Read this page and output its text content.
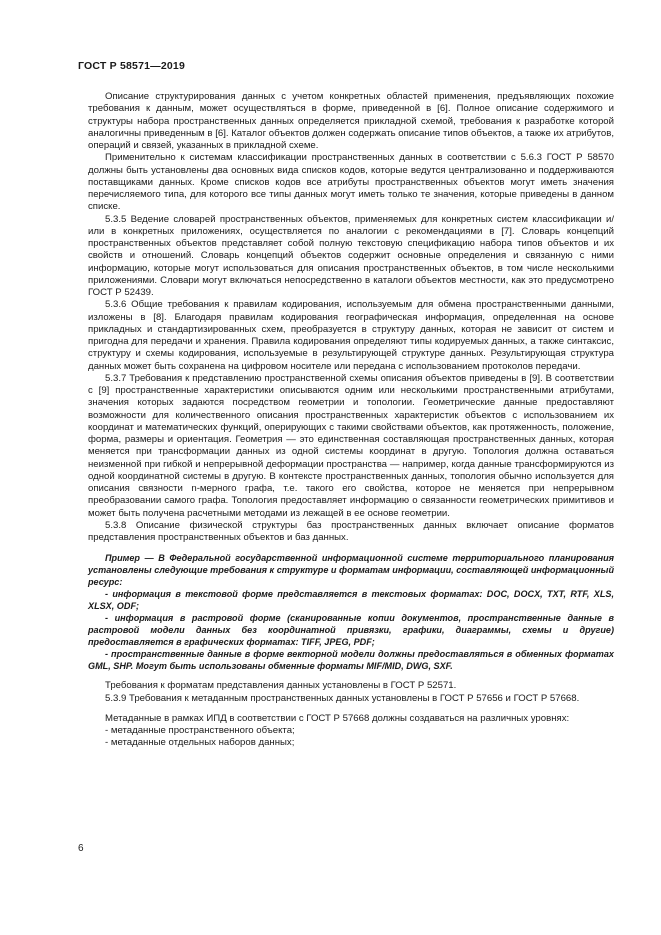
ГОСТ Р 58571—2019

Описание структурирования данных с учетом конкретных областей применения, предъявляющих похожие требования к данным, может осуществляться в форме, приведенной в [6]. Полное описание содержимого и структуры набора пространственных данных определяется прикладной схемой, требования к разработке которой аналогичны приведенным в [6]. Каталог объектов должен содержать описание типов объектов, а также их атрибутов, операций и связей, указанных в прикладной схеме.

Применительно к системам классификации пространственных данных в соответствии с 5.6.3 ГОСТ Р 58570 должны быть установлены два основных вида списков кодов, которые ведутся централизованно и поддерживаются поставщиками данных. Кроме списков кодов все атрибуты пространственных объектов могут иметь значения перечисляемого типа, для которого все типы данных могут иметь только те значения, которые приведены в данном списке.

5.3.5 Ведение словарей пространственных объектов, применяемых для конкретных систем классификации и/или в конкретных приложениях, осуществляется по аналогии с рекомендациями в [7]. Словарь концепций пространственных объектов представляет собой полную текстовую спецификацию набора типов объектов и их свойств и отношений. Словарь концепций объектов содержит основные определения и связанную с ними информацию, которые могут использоваться для описания пространственных объектов, в том числе несколькими приложениями. Словари могут включаться непосредственно в каталоги объектов местности, как это предусмотрено ГОСТ Р 52439.

5.3.6 Общие требования к правилам кодирования, используемым для обмена пространственными данными, изложены в [8]. Благодаря правилам кодирования географическая информация, определенная на основе прикладных и стандартизированных схем, преобразуется в структуру данных, которая не зависит от систем и пригодна для передачи и хранения. Правила кодирования определяют типы кодируемых данных, а также синтаксис, структуру и схемы кодирования, используемые в результирующей структуре данных. Результирующая структура данных может быть сохранена на цифровом носителе или передана с использованием протоколов передачи.

5.3.7 Требования к представлению пространственной схемы описания объектов приведены в [9]. В соответствии с [9] пространственные характеристики описываются одним или несколькими пространственными атрибутами, значения которых задаются посредством геометрии и топологии. Геометрические данные предоставляют возможности для количественного описания пространственных характеристик объектов с использованием их координат и математических функций, оперирующих с такими свойствами объектов, как протяженность, положение, форма, размеры и ориентация. Геометрия — это единственная составляющая пространственных данных, которая меняется при трансформации данных из одной системы координат в другую. Топология должна оставаться неизменной при гибкой и непрерывной деформации пространства — например, когда данные трансформируются из одной координатной системы в другую. В контексте пространственных данных, топология обычно используется для описания связности n-мерного графа, т.е. такого его свойства, которое не меняется при непрерывном преобразовании самого графа. Топология предоставляет информацию о связанности геометрических примитивов и может быть получена расчетными методами из лежащей в ее основе геометрии.

5.3.8 Описание физической структуры баз пространственных данных включает описание форматов представления пространственных объектов и баз данных.

Пример — В Федеральной государственной информационной системе территориального планирования установлены следующие требования к структуре и форматам информации, составляющей информационный ресурс:

- информация в текстовой форме представляется в текстовых форматах: DOC, DOCX, TXT, RTF, XLS, XLSX, ODF;

- информация в растровой форме (сканированные копии документов, пространственные данные в растровой модели данных без координатной привязки, графики, диаграммы, схемы и другие) предоставляется в графических форматах: TIFF, JPEG, PDF;

- пространственные данные в форме векторной модели должны предоставляться в обменных форматах GML, SHP. Могут быть использованы обменные форматы MIF/MID, DWG, SXF.

Требования к форматам представления данных установлены в ГОСТ Р 52571.

5.3.9 Требования к метаданным пространственных данных установлены в ГОСТ Р 57656 и ГОСТ Р 57668.

Метаданные в рамках ИПД в соответствии с ГОСТ Р 57668 должны создаваться на различных уровнях:

- метаданные пространственного объекта;

- метаданные отдельных наборов данных;

6
